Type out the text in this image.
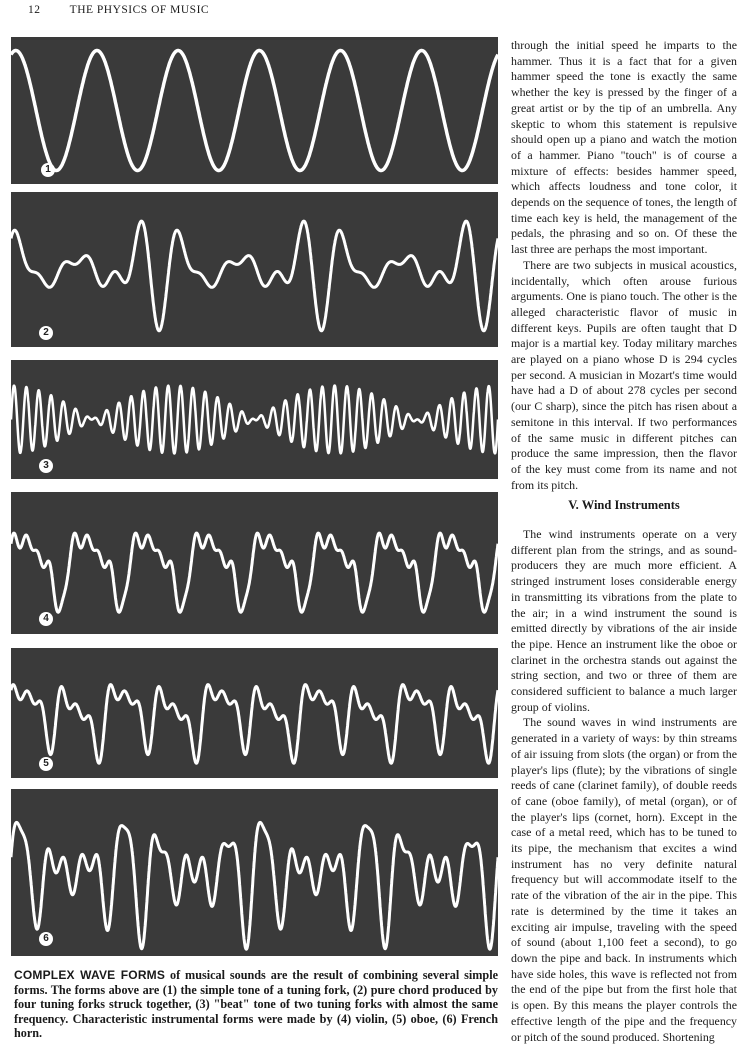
12	THE PHYSICS OF MUSIC
1
2
3
4
5
6
COMPLEX WAVE FORMS of musical sounds are the result of combining several simple forms. The forms above are (1) the simple tone of a tuning fork, (2) pure chord produced by four tuning forks struck together, (3) "beat" tone of two tuning forks with almost the same frequency. Characteristic instrumental forms were made by (4) violin, (5) oboe, (6) French horn.

through the initial speed he imparts to the hammer. Thus it is a fact that for a given hammer speed the tone is exactly the same whether the key is pressed by the finger of a great artist or by the tip of an umbrella. Any skeptic to whom this statement is repulsive should open up a piano and watch the motion of a hammer. Piano "touch" is of course a mixture of effects: besides hammer speed, which affects loudness and tone color, it depends on the sequence of tones, the length of time each key is held, the management of the pedals, the phrasing and so on. Of these the last three are perhaps the most important.

There are two subjects in musical acoustics, incidentally, which often arouse furious arguments. One is piano touch. The other is the alleged characteristic flavor of music in different keys. Pupils are often taught that D major is a martial key. Today military marches are played on a piano whose D is 294 cycles per second. A musician in Mozart's time would have had a D of about 278 cycles per second (our C sharp), since the pitch has risen about a semitone in this interval. If two performances of the same music in different pitches can produce the same impression, then the flavor of the key must come from its name and not from its pitch.

V. Wind Instruments

The wind instruments operate on a very different plan from the strings, and as sound-producers they are much more efficient. A stringed instrument loses considerable energy in transmitting its vibrations from the plate to the air; in a wind instrument the sound is emitted directly by vibrations of the air inside the pipe. Hence an instrument like the oboe or clarinet in the orchestra stands out against the string section, and two or three of them are considered sufficient to balance a much larger group of violins.

The sound waves in wind instruments are generated in a variety of ways: by thin streams of air issuing from slots (the organ) or from the player's lips (flute); by the vibrations of single reeds of cane (clarinet family), of double reeds of cane (oboe family), of metal (organ), or of the player's lips (cornet, horn). Except in the case of a metal reed, which has to be tuned to its pipe, the mechanism that excites a wind instrument has no very definite natural frequency but will accommodate itself to the rate of the vibration of the air in the pipe. This rate is determined by the time it takes an exciting air impulse, traveling with the speed of sound (about 1,100 feet a second), to go down the pipe and back. In instruments which have side holes, this wave is reflected not from the end of the pipe but from the first hole that is open. By this means the player controls the effective length of the pipe and the frequency or pitch of the sound produced. Shortening
